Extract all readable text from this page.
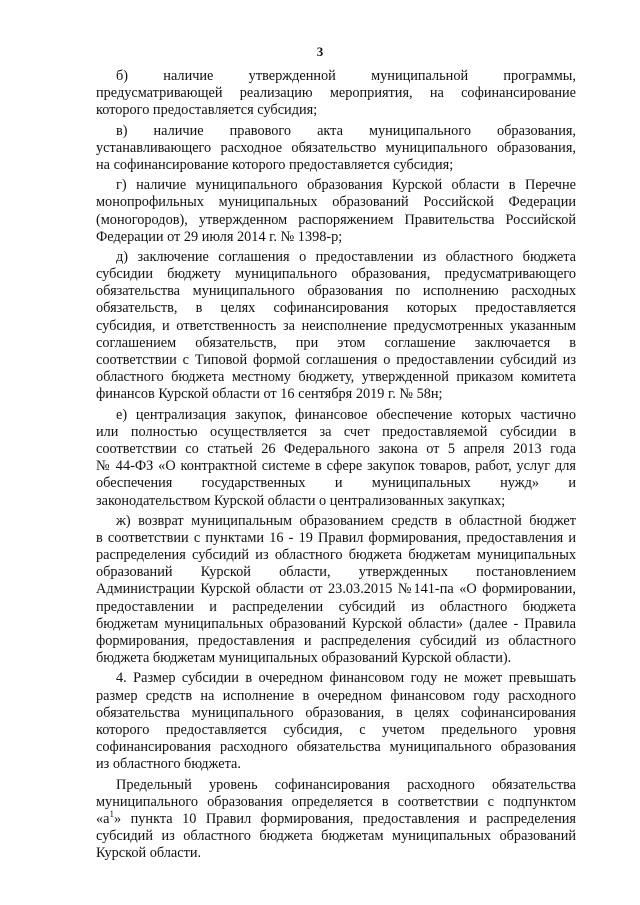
3
б) наличие утвержденной муниципальной программы,
предусматривающей реализацию мероприятия, на софинансирование
которого предоставляется субсидия;
в) наличие правового акта муниципального образования,
устанавливающего расходное обязательство муниципального образования,
на софинансирование которого предоставляется субсидия;
г) наличие муниципального образования Курской области в Перечне
монопрофильных муниципальных образований Российской Федерации
(моногородов), утвержденном распоряжением Правительства Российской
Федерации от 29 июля 2014 г. № 1398-р;
д) заключение соглашения о предоставлении из областного бюджета
субсидии бюджету муниципального образования, предусматривающего
обязательства муниципального образования по исполнению расходных
обязательств, в целях софинансирования которых предоставляется
субсидия, и ответственность за неисполнение предусмотренных указанным
соглашением обязательств, при этом соглашение заключается в
соответствии с Типовой формой соглашения о предоставлении субсидий из
областного бюджета местному бюджету, утвержденной приказом комитета
финансов Курской области от 16 сентября 2019 г. № 58н;
е) централизация закупок, финансовое обеспечение которых частично
или полностью осуществляется за счет предоставляемой субсидии в
соответствии со статьей 26 Федерального закона от 5 апреля 2013 года
№ 44-ФЗ «О контрактной системе в сфере закупок товаров, работ, услуг для
обеспечения государственных и муниципальных нужд» и
законодательством Курской области о централизованных закупках;
ж) возврат муниципальным образованием средств в областной бюджет
в соответствии с пунктами 16 - 19 Правил формирования, предоставления и
распределения субсидий из областного бюджета бюджетам муниципальных
образований Курской области, утвержденных постановлением
Администрации Курской области от 23.03.2015 №141-па «О формировании,
предоставлении и распределении субсидий из областного бюджета
бюджетам муниципальных образований Курской области» (далее - Правила
формирования, предоставления и распределения субсидий из областного
бюджета бюджетам муниципальных образований Курской области).
4. Размер субсидии в очередном финансовом году не может превышать
размер средств на исполнение в очередном финансовом году расходного
обязательства муниципального образования, в целях софинансирования
которого предоставляется субсидия, с учетом предельного уровня
софинансирования расходного обязательства муниципального образования
из областного бюджета.
Предельный уровень софинансирования расходного обязательства
муниципального образования определяется в соответствии с подпунктом
«$а^1$» пункта 10 Правил формирования, предоставления и распределения
субсидий из областного бюджета бюджетам муниципальных образований
Курской области.
